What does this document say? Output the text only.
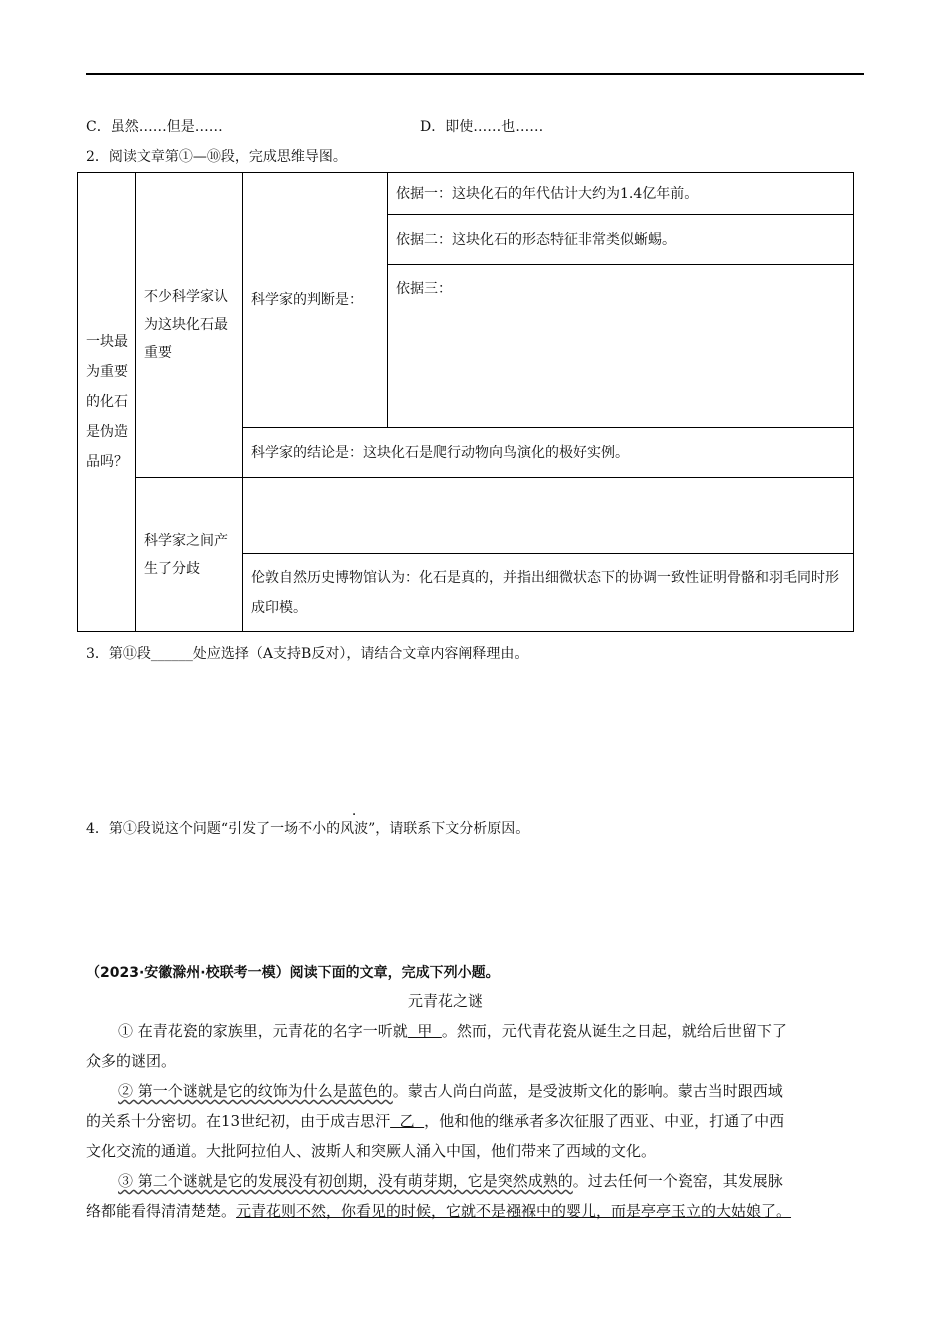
C．虽然……但是……	D．即使……也……
2．阅读文章第①—⑩段，完成思维导图。
一块最为重要的化石是伪造品吗？	不少科学家认为这块化石最重要	科学家的判断是：	依据一：这块化石的年代估计大约为1.4亿年前。
			依据二：这块化石的形态特征非常类似蜥蜴。
			依据三：
		科学家的结论是：这块化石是爬行动物向鸟演化的极好实例。	
	科学家之间产生了分歧		
		伦敦自然历史博物馆认为：化石是真的，并指出细微状态下的协调一致性证明骨骼和羽毛同时形成印模。	
3．第⑪段______处应选择（A支持B反对），请结合文章内容阐释理由。
4．第①段说这个问题“引发了一场不小的风波”，请联系下文分析原因。
（2023·安徽滁州·校联考一模）阅读下面的文章，完成下列小题。
元青花之谜
① 在青花瓷的家族里，元青花的名字一听就  甲  。然而，元代青花瓷从诞生之日起，就给后世留下了
众多的谜团。
② 第一个谜就是它的纹饰为什么是蓝色的。蒙古人尚白尚蓝，是受波斯文化的影响。蒙古当时跟西域
的关系十分密切。在13世纪初，由于成吉思汗  乙  ，他和他的继承者多次征服了西亚、中亚，打通了中西
文化交流的通道。大批阿拉伯人、波斯人和突厥人涌入中国，他们带来了西域的文化。
③ 第二个谜就是它的发展没有初创期，没有萌芽期，它是突然成熟的。过去任何一个瓷窑，其发展脉
络都能看得清清楚楚。元青花则不然，你看见的时候，它就不是襁褓中的婴儿，而是亭亭玉立的大姑娘了。
